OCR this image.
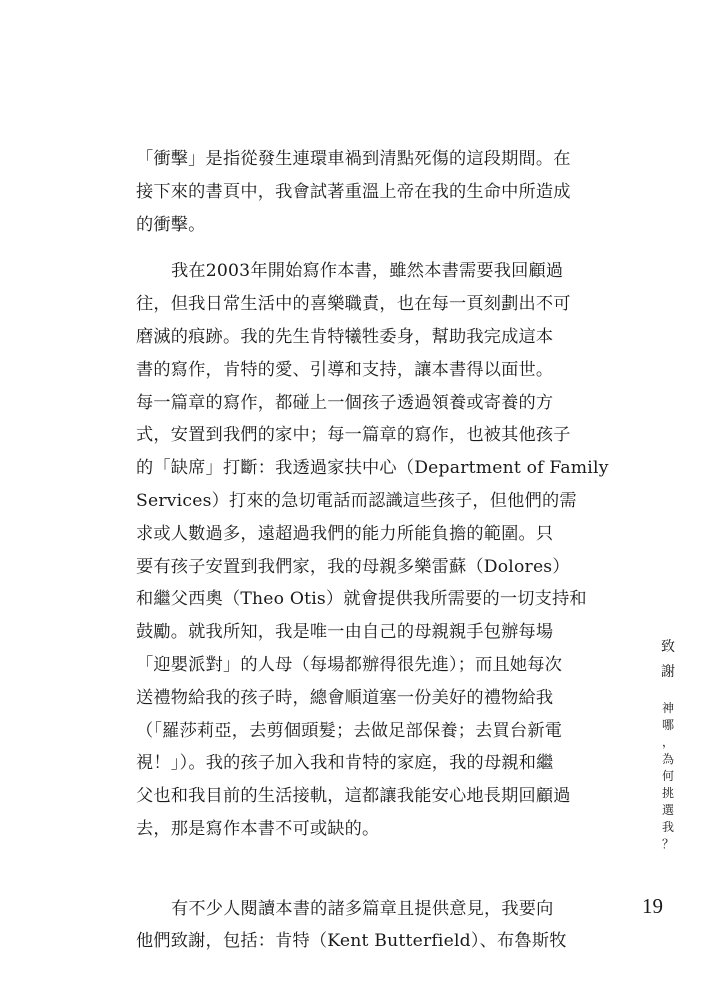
「衝擊」是指從發生連環車禍到清點死傷的這段期間。在
接下來的書頁中，我會試著重溫上帝在我的生命中所造成
的衝擊。
我在2003年開始寫作本書，雖然本書需要我回顧過
往，但我日常生活中的喜樂職責，也在每一頁刻劃出不可
磨滅的痕跡。我的先生肯特犧牲委身，幫助我完成這本
書的寫作，肯特的愛、引導和支持，讓本書得以面世。
每一篇章的寫作，都碰上一個孩子透過領養或寄養的方
式，安置到我們的家中；每一篇章的寫作，也被其他孩子
的「缺席」打斷：我透過家扶中心（Department of Family
Services）打來的急切電話而認識這些孩子，但他們的需
求或人數過多，遠超過我們的能力所能負擔的範圍。只
要有孩子安置到我們家，我的母親多樂雷蘇（Dolores）
和繼父西奧（Theo Otis）就會提供我所需要的一切支持和
鼓勵。就我所知，我是唯一由自己的母親親手包辦每場
「迎嬰派對」的人母（每場都辦得很先進）；而且她每次
送禮物給我的孩子時，總會順道塞一份美好的禮物給我
（「羅莎莉亞，去剪個頭髮；去做足部保養；去買台新電
視！」）。我的孩子加入我和肯特的家庭，我的母親和繼
父也和我目前的生活接軌，這都讓我能安心地長期回顧過
去，那是寫作本書不可或缺的。
有不少人閱讀本書的諸多篇章且提供意見，我要向
他們致謝，包括：肯特（Kent Butterfield）、布魯斯牧
致
謝
神
哪
，
為
何
挑
選
我
？
19
